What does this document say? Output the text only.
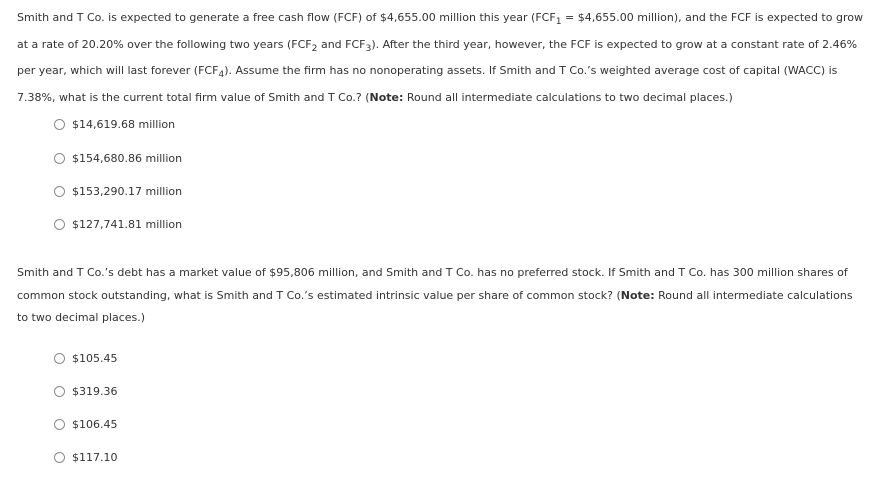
Smith and T Co. is expected to generate a free cash flow (FCF) of $4,655.00 million this year ($FCF_1$ = $4,655.00 million), and the FCF is expected to grow at a rate of 20.20% over the following two years ($FCF_2$ and $FCF_3$). After the third year, however, the FCF is expected to grow at a constant rate of 2.46% per year, which will last forever $(FCF_4)$. Assume the firm has no nonoperating assets. If Smith and T Co.’s weighted average cost of capital (WACC) is 7.38%, what is the current total firm value of Smith and T Co.? (Note: Round all intermediate calculations to two decimal places.)

$14,619.68 million
$154,680.86 million
$153,290.17 million
$127,741.81 million

Smith and T Co.’s debt has a market value of $95,806 million, and Smith and T Co. has no preferred stock. If Smith and T Co. has 300 million shares of common stock outstanding, what is Smith and T Co.’s estimated intrinsic value per share of common stock? (Note: Round all intermediate calculations to two decimal places.)

$105.45
$319.36
$106.45
$117.10
